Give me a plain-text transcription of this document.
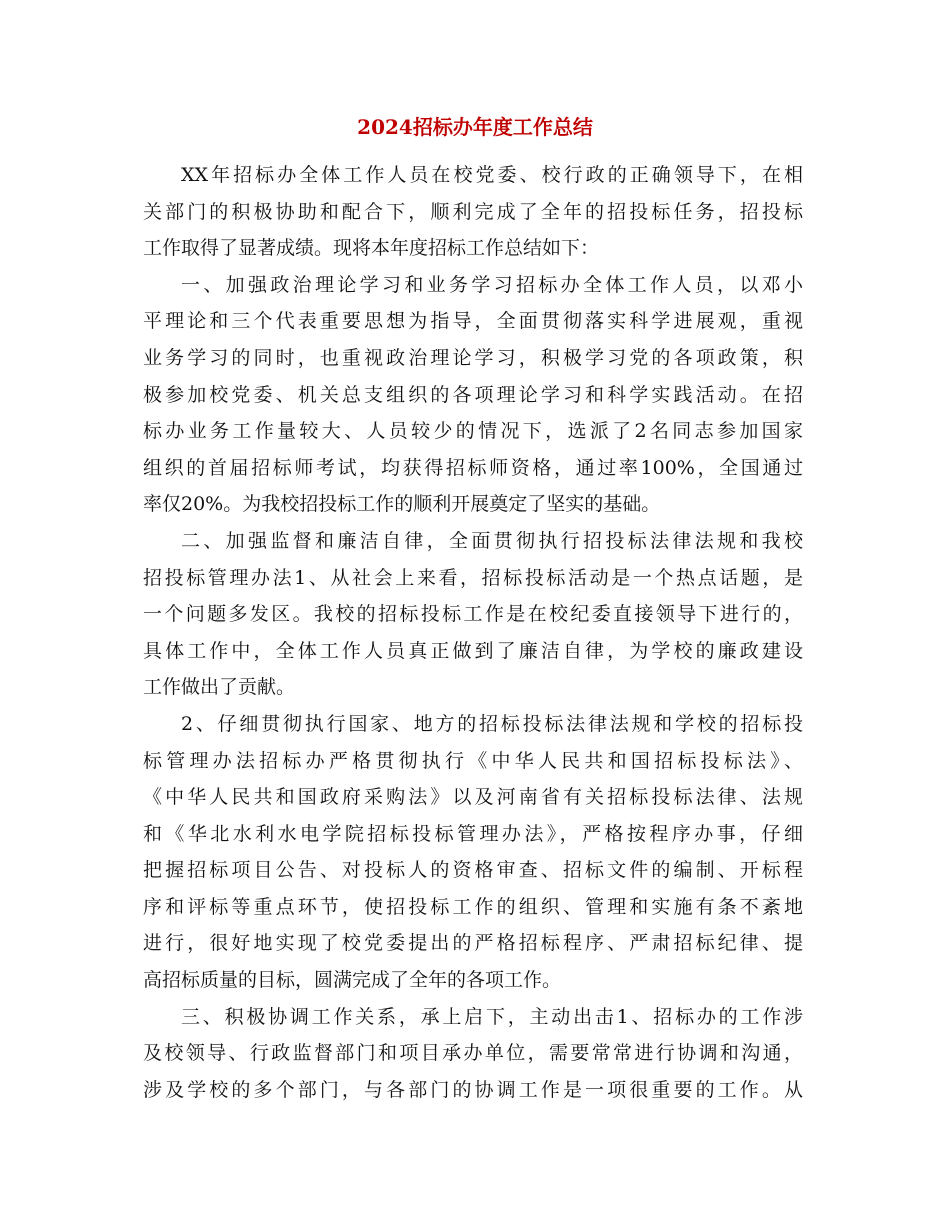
2024招标办年度工作总结
XX年招标办全体工作人员在校党委、校行政的正确领导下，在相
关部门的积极协助和配合下，顺利完成了全年的招投标任务，招投标
工作取得了显著成绩。现将本年度招标工作总结如下：
一、加强政治理论学习和业务学习招标办全体工作人员，以邓小
平理论和三个代表重要思想为指导，全面贯彻落实科学进展观，重视
业务学习的同时，也重视政治理论学习，积极学习党的各项政策，积
极参加校党委、机关总支组织的各项理论学习和科学实践活动。在招
标办业务工作量较大、人员较少的情况下，选派了2名同志参加国家
组织的首届招标师考试，均获得招标师资格，通过率100%，全国通过
率仅20%。为我校招投标工作的顺利开展奠定了坚实的基础。
二、加强监督和廉洁自律，全面贯彻执行招投标法律法规和我校
招投标管理办法1、从社会上来看，招标投标活动是一个热点话题，是
一个问题多发区。我校的招标投标工作是在校纪委直接领导下进行的，
具体工作中，全体工作人员真正做到了廉洁自律，为学校的廉政建设
工作做出了贡献。
2、仔细贯彻执行国家、地方的招标投标法律法规和学校的招标投
标管理办法招标办严格贯彻执行《中华人民共和国招标投标法》、
《中华人民共和国政府采购法》以及河南省有关招标投标法律、法规
和《华北水利水电学院招标投标管理办法》，严格按程序办事，仔细
把握招标项目公告、对投标人的资格审查、招标文件的编制、开标程
序和评标等重点环节，使招投标工作的组织、管理和实施有条不紊地
进行，很好地实现了校党委提出的严格招标程序、严肃招标纪律、提
高招标质量的目标，圆满完成了全年的各项工作。
三、积极协调工作关系，承上启下，主动出击1、招标办的工作涉
及校领导、行政监督部门和项目承办单位，需要常常进行协调和沟通，
涉及学校的多个部门，与各部门的协调工作是一项很重要的工作。从
